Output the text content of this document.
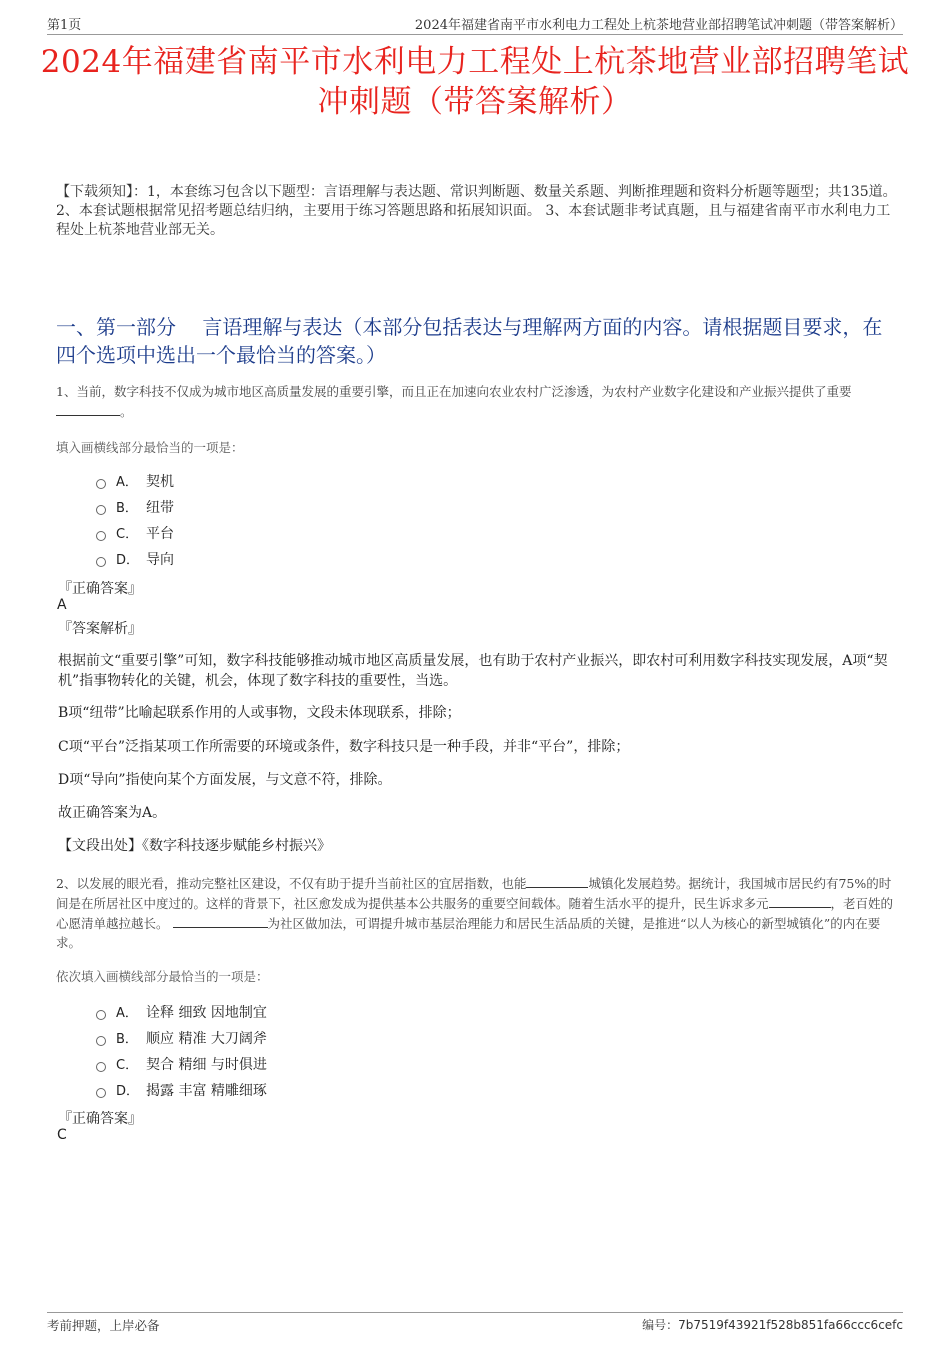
第1页	2024年福建省南平市水利电力工程处上杭茶地营业部招聘笔试冲刺题（带答案解析）
2024年福建省南平市水利电力工程处上杭茶地营业部招聘笔试
冲刺题（带答案解析）
【下载须知】：1，本套练习包含以下题型：言语理解与表达题、常识判断题、数量关系题、判断推理题和资料分析题等题型；共135道。 2、本套试题根据常见招考题总结归纳，主要用于练习答题思路和拓展知识面。 3、本套试题非考试真题，且与福建省南平市水利电力工程处上杭茶地营业部无关。
一、第一部分　 言语理解与表达（本部分包括表达与理解两方面的内容。请根据题目要求，在四个选项中选出一个最恰当的答案。）
1、当前，数字科技不仅成为城市地区高质量发展的重要引擎，而且正在加速向农业农村广泛渗透，为农村产业数字化建设和产业振兴提供了重要。
填入画横线部分最恰当的一项是：
A． 契机
B． 纽带
C． 平台
D． 导向
『正确答案』
A
『答案解析』
根据前文“重要引擎”可知，数字科技能够推动城市地区高质量发展，也有助于农村产业振兴，即农村可利用数字科技实现发展，A项“契机”指事物转化的关键，机会，体现了数字科技的重要性，当选。
B项“纽带”比喻起联系作用的人或事物，文段未体现联系，排除；
C项“平台”泛指某项工作所需要的环境或条件，数字科技只是一种手段，并非“平台”，排除；
D项“导向”指使向某个方面发展，与文意不符，排除。
故正确答案为A。
【文段出处】《数字科技逐步赋能乡村振兴》
2、以发展的眼光看，推动完整社区建设，不仅有助于提升当前社区的宜居指数，也能	城镇化发展趋势。据统计，我国城市居民约有75%的时间是在所居社区中度过的。这样的背景下，社区愈发成为提供基本公共服务的重要空间载体。随着生活水平的提升，民生诉求多元	，老百姓的心愿清单越拉越长。	为社区做加法，可谓提升城市基层治理能力和居民生活品质的关键，是推进“以人为核心的新型城镇化”的内在要求。
依次填入画横线部分最恰当的一项是：
A． 诠释 细致 因地制宜
B． 顺应 精准 大刀阔斧
C． 契合 精细 与时俱进
D． 揭露 丰富 精雕细琢
『正确答案』
C
考前押题，上岸必备	编号：7b7519f43921f528b851fa66ccc6cefc
